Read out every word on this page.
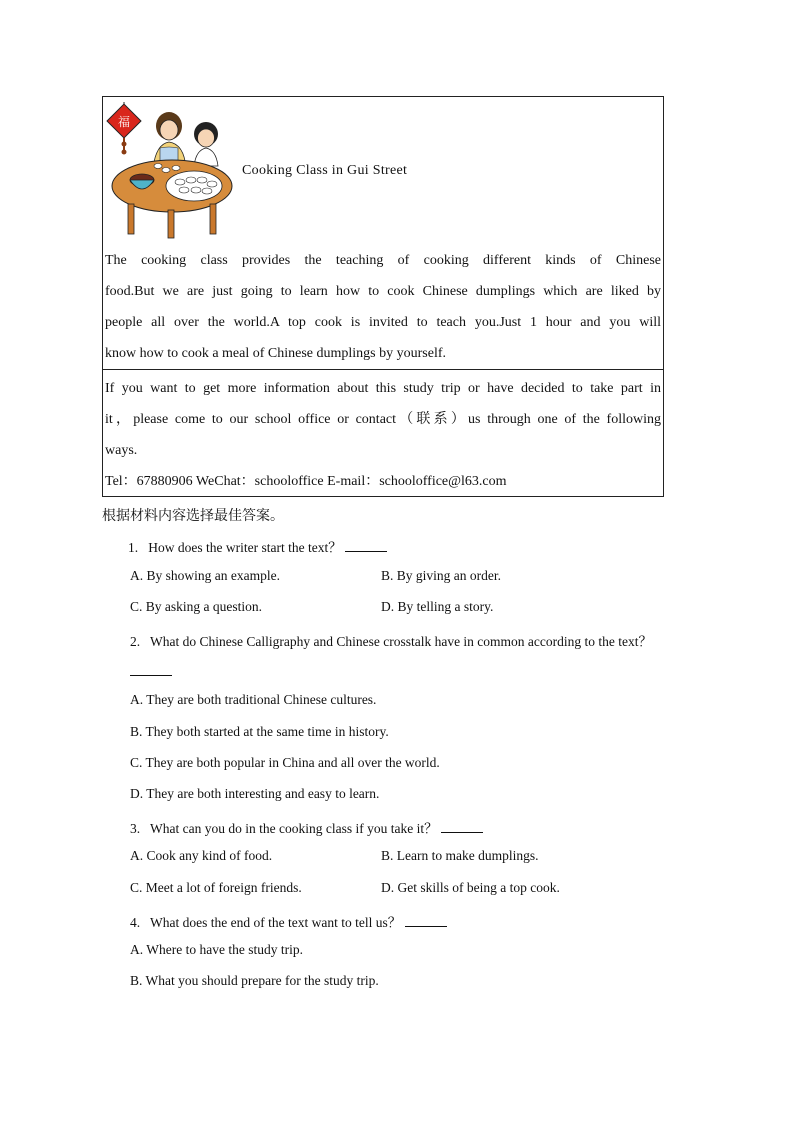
福
Cooking Class in Gui Street
The cooking class provides the teaching of cooking different kinds of Chinese
food.But we are just going to learn how to cook Chinese dumplings which are liked by
people all over the world.A top cook is invited to teach you.Just 1 hour and you will
know how to cook a meal of Chinese dumplings by yourself.
If you want to get more information about this study trip or have decided to take part in
it，please come to our school office or contact（联系）us through one of the following
ways.
Tel：67880906 WeChat：schooloffice E-mail：schooloffice@l63.com
根据材料内容选择最佳答案。
1. How does the writer start the text？
A. By showing an example.	B. By giving an order.
C. By asking a question.	D. By telling a story.
2. What do Chinese Calligraphy and Chinese crosstalk have in common according to the text？
A. They are both traditional Chinese cultures.
B. They both started at the same time in history.
C. They are both popular in China and all over the world.
D. They are both interesting and easy to learn.
3. What can you do in the cooking class if you take it？
A. Cook any kind of food.	B. Learn to make dumplings.
C. Meet a lot of foreign friends.	D. Get skills of being a top cook.
4. What does the end of the text want to tell us？
A. Where to have the study trip.
B. What you should prepare for the study trip.
